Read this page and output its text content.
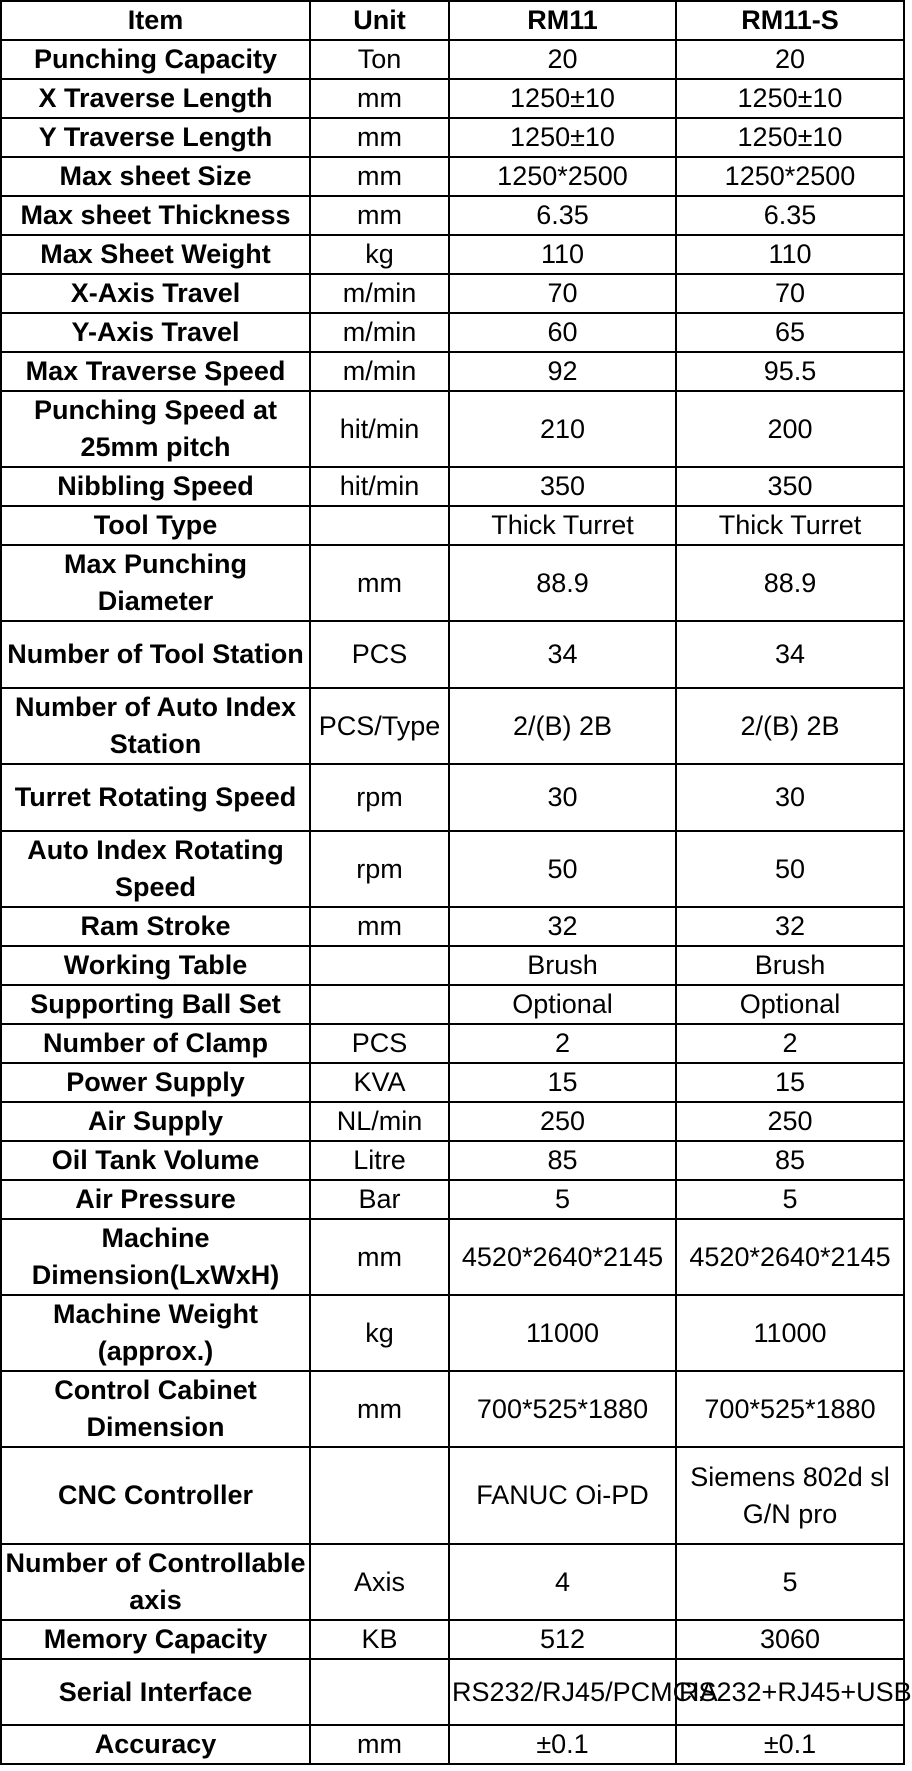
Item	Unit	RM11	RM11-S
Punching Capacity	Ton	20	20
X Traverse Length	mm	1250±10	1250±10
Y Traverse Length	mm	1250±10	1250±10
Max sheet Size	mm	1250*2500	1250*2500
Max sheet Thickness	mm	6.35	6.35
Max Sheet Weight	kg	110	110
X-Axis Travel	m/min	70	70
Y-Axis Travel	m/min	60	65
Max Traverse Speed	m/min	92	95.5
Punching Speed at 25mm pitch	hit/min	210	200
Nibbling Speed	hit/min	350	350
Tool Type		Thick Turret	Thick Turret
Max Punching Diameter	mm	88.9	88.9
Number of Tool Station	PCS	34	34
Number of Auto Index Station	PCS/Type	2/(B) 2B	2/(B) 2B
Turret Rotating Speed	rpm	30	30
Auto Index Rotating Speed	rpm	50	50
Ram Stroke	mm	32	32
Working Table		Brush	Brush
Supporting Ball Set		Optional	Optional
Number of Clamp	PCS	2	2
Power Supply	KVA	15	15
Air Supply	NL/min	250	250
Oil Tank Volume	Litre	85	85
Air Pressure	Bar	5	5
Machine Dimension(LxWxH)	mm	4520*2640*2145	4520*2640*2145
Machine Weight (approx.)	kg	11000	11000
Control Cabinet Dimension	mm	700*525*1880	700*525*1880
CNC Controller		FANUC Oi-PD	Siemens 802d sl G/N pro
Number of Controllable axis	Axis	4	5
Memory Capacity	KB	512	3060
Serial Interface		RS232/RJ45/PCMCIA	RS232+RJ45+USB
Accuracy	mm	±0.1	±0.1
